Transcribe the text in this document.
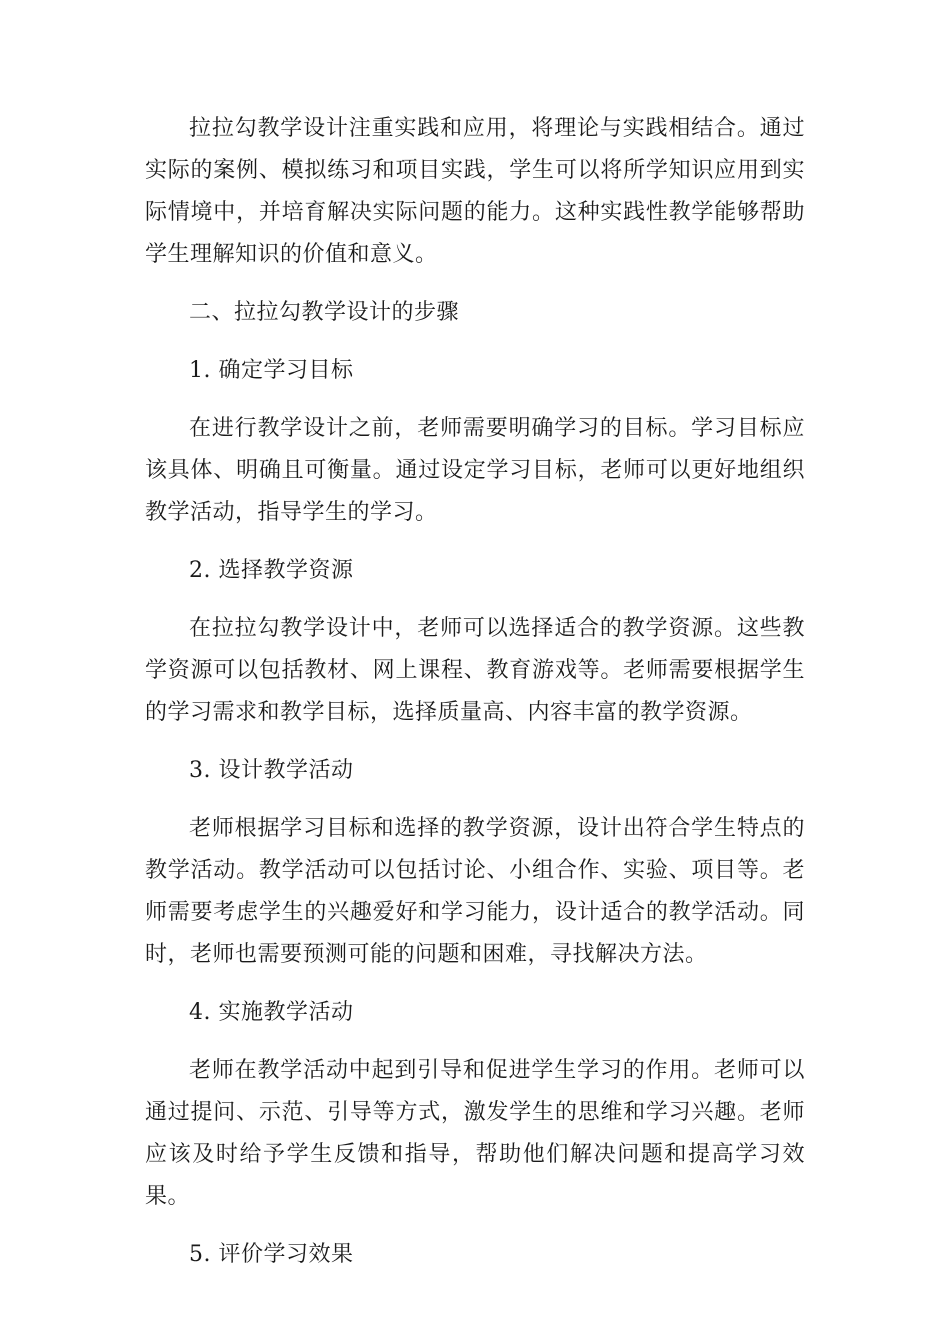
拉拉勾教学设计注重实践和应用，将理论与实践相结合。通过实际的案例、模拟练习和项目实践，学生可以将所学知识应用到实际情境中，并培育解决实际问题的能力。这种实践性教学能够帮助学生理解知识的价值和意义。

二、拉拉勾教学设计的步骤

1. 确定学习目标

在进行教学设计之前，老师需要明确学习的目标。学习目标应该具体、明确且可衡量。通过设定学习目标，老师可以更好地组织教学活动，指导学生的学习。

2. 选择教学资源

在拉拉勾教学设计中，老师可以选择适合的教学资源。这些教学资源可以包括教材、网上课程、教育游戏等。老师需要根据学生的学习需求和教学目标，选择质量高、内容丰富的教学资源。

3. 设计教学活动

老师根据学习目标和选择的教学资源，设计出符合学生特点的教学活动。教学活动可以包括讨论、小组合作、实验、项目等。老师需要考虑学生的兴趣爱好和学习能力，设计适合的教学活动。同时，老师也需要预测可能的问题和困难，寻找解决方法。

4. 实施教学活动

老师在教学活动中起到引导和促进学生学习的作用。老师可以通过提问、示范、引导等方式，激发学生的思维和学习兴趣。老师应该及时给予学生反馈和指导，帮助他们解决问题和提高学习效果。

5. 评价学习效果
